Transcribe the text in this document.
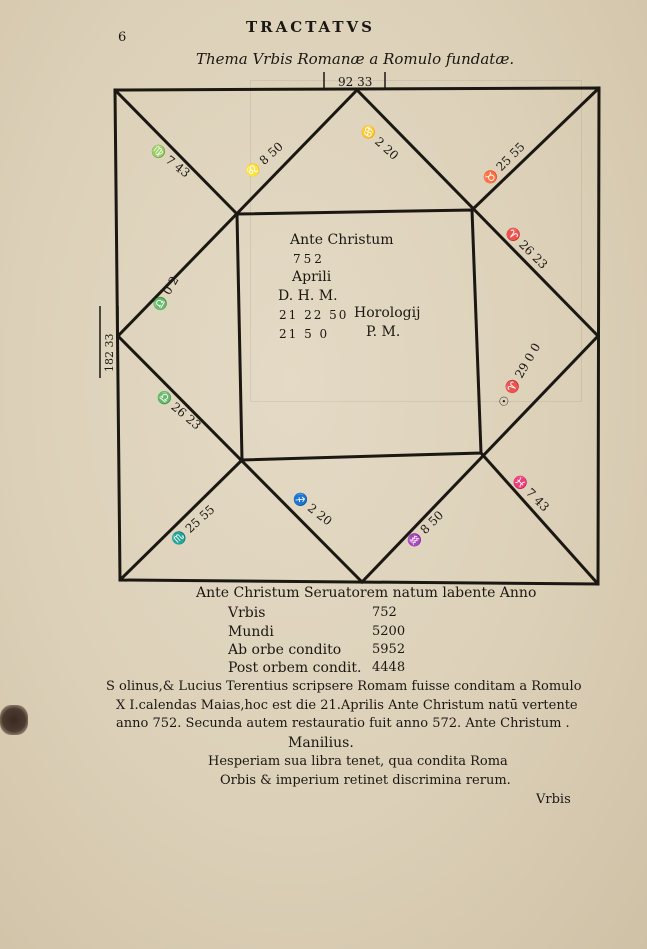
6
TRACTATVS
Thema Vrbis Romanæ a Romulo fundatæ.
92 33
182 33
♍ 7 43	♌ 8 50	♋ 2 20	♉ 25 55
♈ 26 23
☉ ♈ 29 0 0
♓ 7 43
♒ 8 50
♐ 2 20
♏ 25 55
♎ 26 23
♎ 0 2
Ante Christum
752
Aprili
D. H. M.
21 22 50 Horologij
21 5 0	P. M.
Ante Christum Seruatorem natum labente Anno
Vrbis	752
Mundi	5200
Ab orbe condito 5952
Post orbem condit. 4448
S olinus,& Lucius Terentius scripsere Romam fuisse conditam a Romulo
X I.calendas Maias,hoc est die 21.Aprilis Ante Christum natū vertente
anno 752. Secunda autem restauratio fuit anno 572. Ante Christum .
Manilius.
Hesperiam sua libra tenet, qua condita Roma
Orbis & imperium retinet discrimina rerum.
Vrbis
